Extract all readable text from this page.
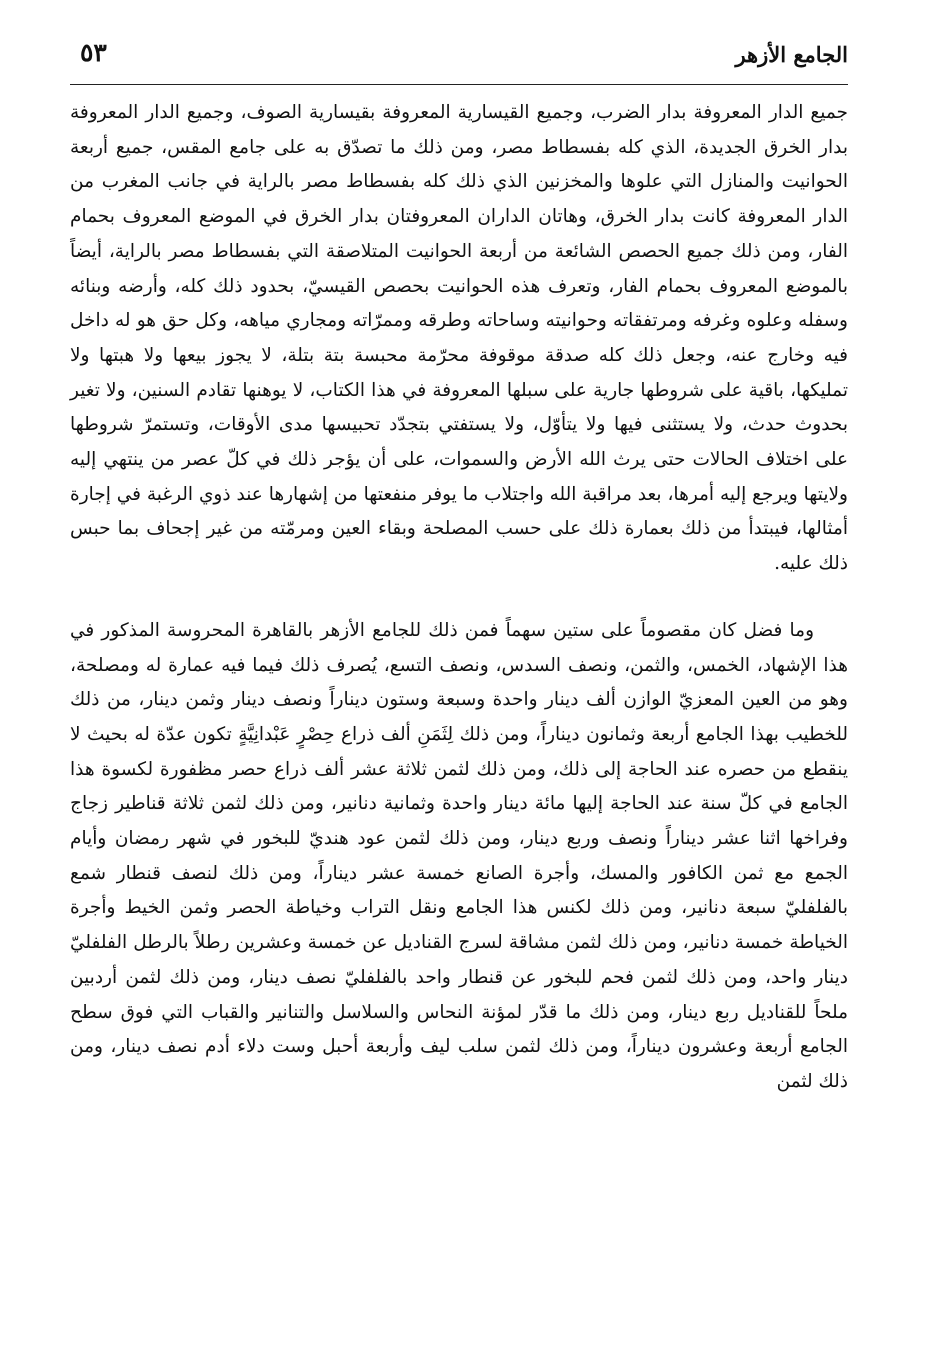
الجامع الأزهر
٥٣

جميع الدار المعروفة بدار الضرب، وجميع القيسارية المعروفة بقيسارية الصوف، وجميع الدار المعروفة بدار الخرق الجديدة، الذي كله بفسطاط مصر، ومن ذلك ما تصدّق به على جامع المقس، جميع أربعة الحوانيت والمنازل التي علوها والمخزنين الذي ذلك كله بفسطاط مصر بالراية في جانب المغرب من الدار المعروفة كانت بدار الخرق، وهاتان الداران المعروفتان بدار الخرق في الموضع المعروف بحمام الفار، ومن ذلك جميع الحصص الشائعة من أربعة الحوانيت المتلاصقة التي بفسطاط مصر بالراية، أيضاً بالموضع المعروف بحمام الفار، وتعرف هذه الحوانيت بحصص القيسيّ، بحدود ذلك كله، وأرضه وبنائه وسفله وعلوه وغرفه ومرتفقاته وحوانيته وساحاته وطرقه وممرّاته ومجاري مياهه، وكل حق هو له داخل فيه وخارج عنه، وجعل ذلك كله صدقة موقوفة محرّمة محبسة بتة بتلة، لا يجوز بيعها ولا هبتها ولا تمليكها، باقية على شروطها جارية على سبلها المعروفة في هذا الكتاب، لا يوهنها تقادم السنين، ولا تغير بحدوث حدث، ولا يستثنى فيها ولا يتأوّل، ولا يستفتي بتجدّد تحبيسها مدى الأوقات، وتستمرّ شروطها على اختلاف الحالات حتى يرث الله الأرض والسموات، على أن يؤجر ذلك في كلّ عصر من ينتهي إليه ولايتها ويرجع إليه أمرها، بعد مراقبة الله واجتلاب ما يوفر منفعتها من إشهارها عند ذوي الرغبة في إجارة أمثالها، فيبتدأ من ذلك بعمارة ذلك على حسب المصلحة وبقاء العين ومرمّته من غير إجحاف بما حبس ذلك عليه.

وما فضل كان مقصوماً على ستين سهماً فمن ذلك للجامع الأزهر بالقاهرة المحروسة المذكور في هذا الإشهاد، الخمس، والثمن، ونصف السدس، ونصف التسع، يُصرف ذلك فيما فيه عمارة له ومصلحة، وهو من العين المعزيّ الوازن ألف دينار واحدة وسبعة وستون ديناراً ونصف دينار وثمن دينار، من ذلك للخطيب بهذا الجامع أربعة وثمانون ديناراً، ومن ذلك لِثَمَنِ ألف ذراع حِصْرٍ عَبْدانِيَّةٍ تكون عدّة له بحيث لا ينقطع من حصره عند الحاجة إلى ذلك، ومن ذلك لثمن ثلاثة عشر ألف ذراع حصر مظفورة لكسوة هذا الجامع في كلّ سنة عند الحاجة إليها مائة دينار واحدة وثمانية دنانير، ومن ذلك لثمن ثلاثة قناطير زجاج وفراخها اثنا عشر ديناراً ونصف وربع دينار، ومن ذلك لثمن عود هنديّ للبخور في شهر رمضان وأيام الجمع مع ثمن الكافور والمسك، وأجرة الصانع خمسة عشر ديناراً، ومن ذلك لنصف قنطار شمع بالفلفليّ سبعة دنانير، ومن ذلك لكنس هذا الجامع ونقل التراب وخياطة الحصر وثمن الخيط وأجرة الخياطة خمسة دنانير، ومن ذلك لثمن مشاقة لسرج القناديل عن خمسة وعشرين رطلاً بالرطل الفلفليّ دينار واحد، ومن ذلك لثمن فحم للبخور عن قنطار واحد بالفلفليّ نصف دينار، ومن ذلك لثمن أردبين ملحاً للقناديل ربع دينار، ومن ذلك ما قدّر لمؤنة النحاس والسلاسل والتنانير والقباب التي فوق سطح الجامع أربعة وعشرون ديناراً، ومن ذلك لثمن سلب ليف وأربعة أحبل وست دلاء أدم نصف دينار، ومن ذلك لثمن
